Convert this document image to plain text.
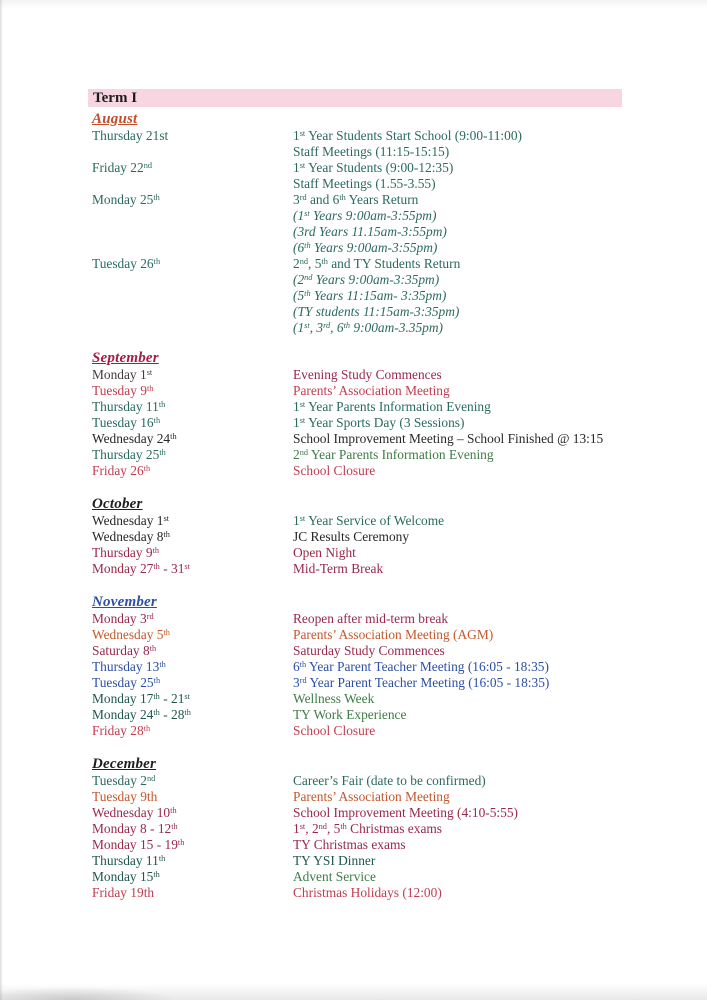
Term I
August
Thursday 21st	1st Year Students Start School (9:00-11:00)
Staff Meetings (11:15-15:15)
Friday 22nd	1st Year Students (9:00-12:35)
Staff Meetings (1.55-3.55)
Monday 25th	3rd and 6th Years Return
(1st Years 9:00am-3:55pm)
(3rd Years 11.15am-3:55pm)
(6th Years 9:00am-3:55pm)
Tuesday 26th	2nd, 5th and TY Students Return
(2nd Years 9:00am-3:35pm)
(5th Years 11:15am- 3:35pm)
(TY students 11:15am-3:35pm)
(1st, 3rd, 6th 9:00am-3.35pm)
September
Monday 1st	Evening Study Commences
Tuesday 9th	Parents’ Association Meeting
Thursday 11th	1st Year Parents Information Evening
Tuesday 16th	1st Year Sports Day (3 Sessions)
Wednesday 24th	School Improvement Meeting – School Finished @ 13:15
Thursday 25th	2nd Year Parents Information Evening
Friday 26th	School Closure
October
Wednesday 1st	1st Year Service of Welcome
Wednesday 8th	JC Results Ceremony
Thursday 9th	Open Night
Monday 27th - 31st	Mid-Term Break
November
Monday 3rd	Reopen after mid-term break
Wednesday 5th	Parents’ Association Meeting (AGM)
Saturday 8th	Saturday Study Commences
Thursday 13th	6th Year Parent Teacher Meeting (16:05 - 18:35)
Tuesday 25th	3rd Year Parent Teacher Meeting (16:05 - 18:35)
Monday 17th - 21st	Wellness Week
Monday 24th - 28th	TY Work Experience
Friday 28th	School Closure
December
Tuesday 2nd	Career’s Fair (date to be confirmed)
Tuesday 9th	Parents’ Association Meeting
Wednesday 10th	School Improvement Meeting (4:10-5:55)
Monday 8 - 12th	1st, 2nd, 5th Christmas exams
Monday 15 - 19th	TY Christmas exams
Thursday 11th	TY YSI Dinner
Monday 15th	Advent Service
Friday 19th	Christmas Holidays (12:00)
